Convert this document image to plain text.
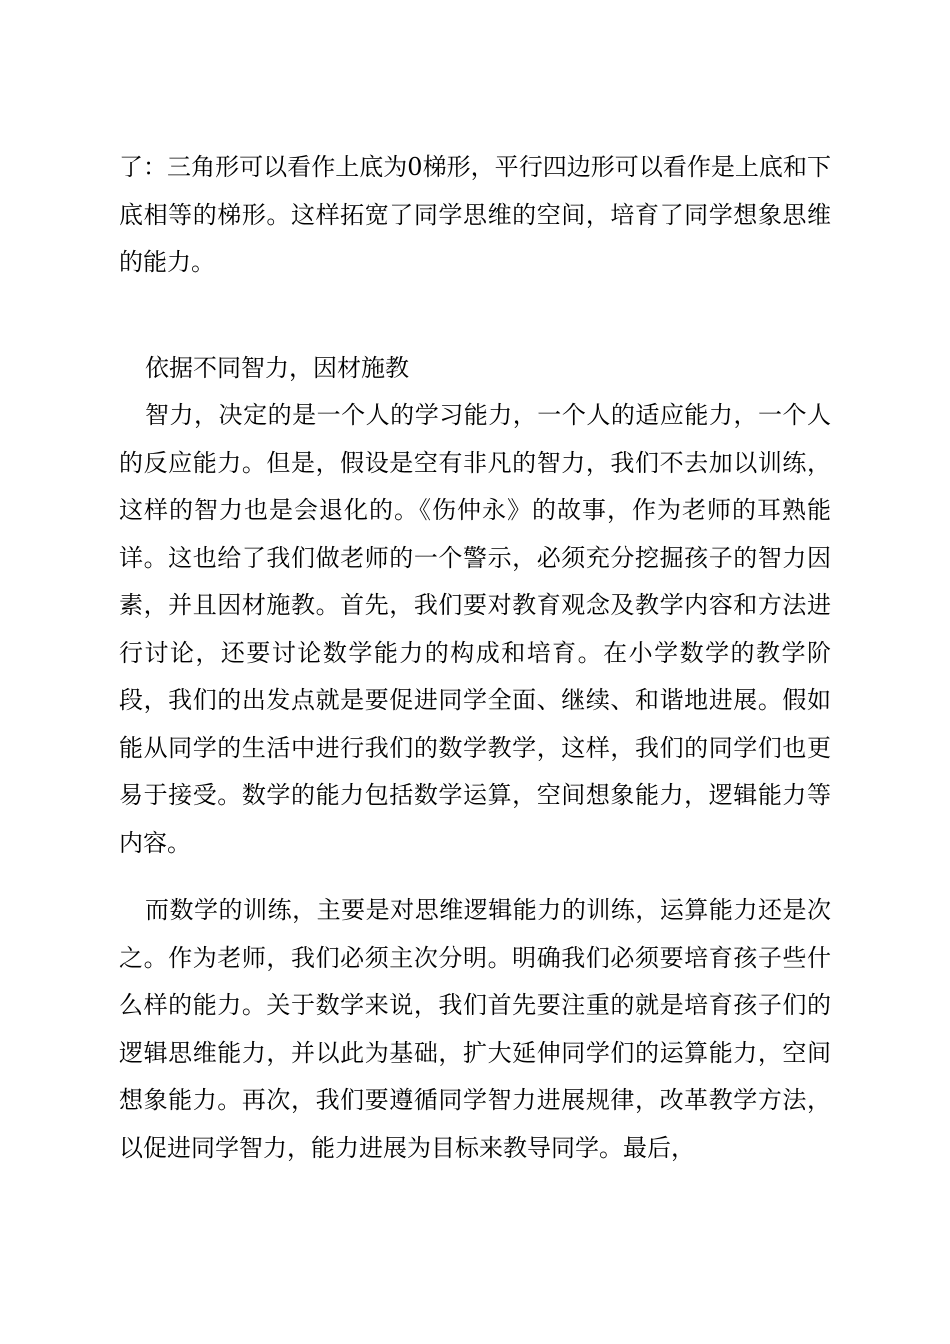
了：三角形可以看作上底为0梯形，平行四边形可以看作是上底和下底相等的梯形。这样拓宽了同学思维的空间，培育了同学想象思维的能力。

依据不同智力，因材施教

智力，决定的是一个人的学习能力，一个人的适应能力，一个人的反应能力。但是，假设是空有非凡的智力，我们不去加以训练，这样的智力也是会退化的。《伤仲永》的故事，作为老师的耳熟能详。这也给了我们做老师的一个警示，必须充分挖掘孩子的智力因素，并且因材施教。首先，我们要对教育观念及教学内容和方法进行讨论，还要讨论数学能力的构成和培育。在小学数学的教学阶段，我们的出发点就是要促进同学全面、继续、和谐地进展。假如能从同学的生活中进行我们的数学教学，这样，我们的同学们也更易于接受。数学的能力包括数学运算，空间想象能力，逻辑能力等内容。

而数学的训练，主要是对思维逻辑能力的训练，运算能力还是次之。作为老师，我们必须主次分明。明确我们必须要培育孩子些什么样的能力。关于数学来说，我们首先要注重的就是培育孩子们的逻辑思维能力，并以此为基础，扩大延伸同学们的运算能力，空间想象能力。再次，我们要遵循同学智力进展规律，改革教学方法，以促进同学智力，能力进展为目标来教导同学。最后，
